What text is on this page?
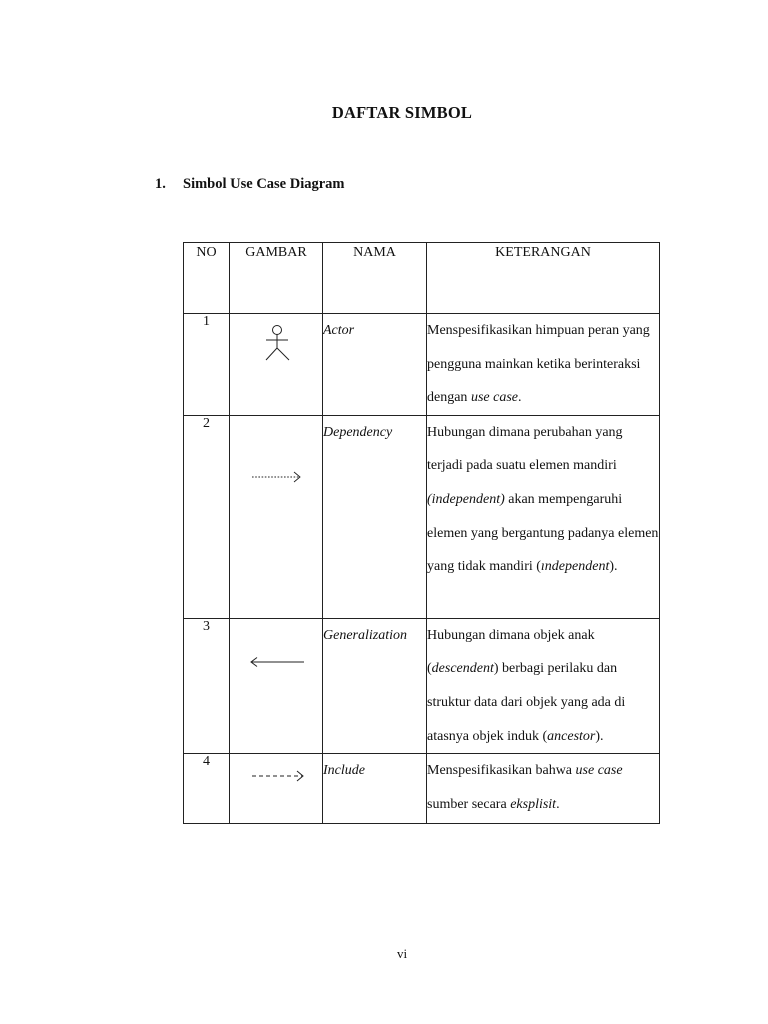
DAFTAR SIMBOL
1. Simbol Use Case Diagram
NO	GAMBAR	NAMA	KETERANGAN
1		Actor	Menspesifikasikan himpuan peran yang pengguna mainkan ketika berinteraksi dengan use case.
2		Dependency	Hubungan dimana perubahan yang terjadi pada suatu elemen mandiri (independent) akan mempengaruhi elemen yang bergantung padanya elemen yang tidak mandiri (ındependent).
3		Generalization	Hubungan dimana objek anak (descendent) berbagi perilaku dan struktur data dari objek yang ada di atasnya objek induk (ancestor).
4		Include	Menspesifikasikan bahwa use case sumber secara eksplisit.
vi
